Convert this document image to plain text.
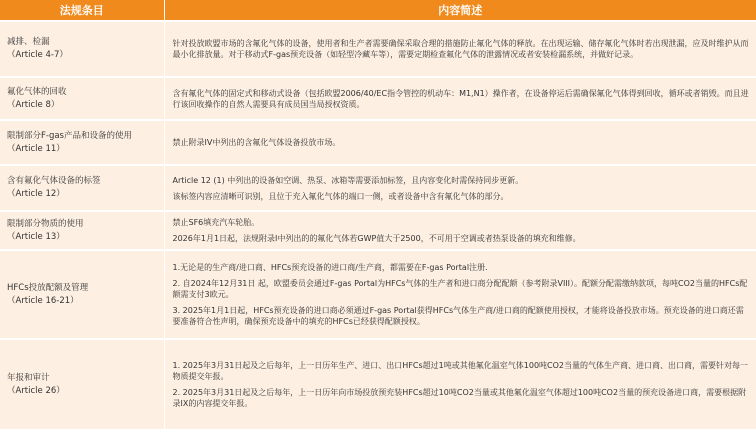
法规条目	内容简述

减排、检漏
（Article 4-7）	针对投放欧盟市场的含氟化气体的设备，使用者和生产者需要确保采取合理的措施防止氟化气体的释放。在出现运输、储存氟化气体时若出现泄漏，应及时维护从而最小化排放量。对于移动式F-gas预充设备（如轻型冷藏车等），需要定期检查氟化气体的泄露情况或者安装检漏系统，并做好记录。

氟化气体的回收
（Article 8）	含有氟化气体的固定式和移动式设备（包括欧盟2006/40/EC指令管控的机动车：M1,N1）操作者，在设备停运后需确保氟化气体得到回收，循环或者销毁。而且进行该回收操作的自然人需要具有成员国当局授权资质。

限制部分F-gas产品和设备的使用
（Article 11）	禁止附录IV中列出的含氟化气体设备投放市场。

含有氟化气体设备的标签
（Article 12）	Article 12 (1) 中列出的设备如空调、热泵、冰箱等需要添加标签，且内容变化时需保持同步更新。
该标签内容应清晰可识别，且位于充入氟化气体的端口一侧，或者设备中含有氟化气体的部分。

限制部分物质的使用
（Article 13）	禁止SF6填充汽车轮胎。
2026年1月1日起，法规附录I中列出的的氟化气体若GWP值大于2500，不可用于空调或者热泵设备的填充和维修。

HFCs投放配额及管理
（Article 16-21）	1.无论是的生产商/进口商、HFCs预充设备的进口商/生产商，都需要在F-gas Portal注册.
2. 自2024年12月31日 起，欧盟委员会通过F-gas Portal为HFCs气体的生产者和进口商分配配额（参考附录VIII）。配额分配需缴纳款项，每吨CO2当量的HFCs配额需支付3欧元。
3. 2025年1月1日起，HFCs预充设备的进口商必须通过F-gas Portal获得HFCs气体生产商/进口商的配额使用授权，才能将设备投放市场。预充设备的进口商还需要准备符合性声明，确保预充设备中的填充的HFCs已经获得配额授权。

年报和审计
（Article 26）	1. 2025年3月31日起及之后每年，上一日历年生产、进口、出口HFCs超过1吨或其他氟化温室气体100吨CO2当量的气体生产商、进口商、出口商，需要针对每一物质提交年报。
2. 2025年3月31日起及之后每年，上一日历年向市场投放预充装HFCs超过10吨CO2当量或其他氟化温室气体超过100吨CO2当量的预充设备进口商，需要根据附录IX的内容提交年报。
